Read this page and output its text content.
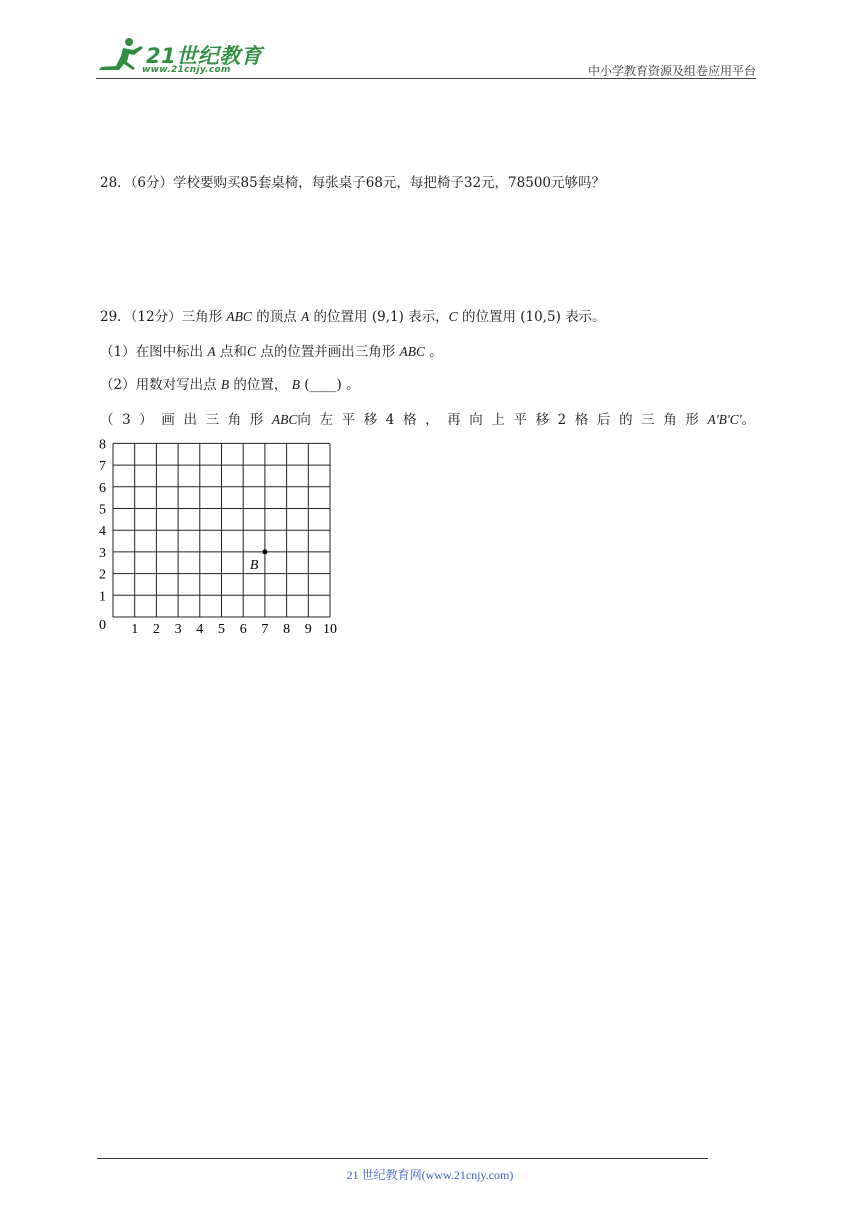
21世纪教育
www.21cnjy.com	中小学教育资源及组卷应用平台
28．（6分）学校要购买85套桌椅，每张桌子68元，每把椅子32元，78500元够吗？
29．（12分）三角形 ABC 的顶点 A 的位置用 (9,1) 表示，C 的位置用 (10,5) 表示。
（1）在图中标出 A 点和C 点的位置并画出三角形 ABC 。
（2）用数对写出点 B 的位置， B (____) 。
（3）画出三角形ABC向左平移4格，再向上平移2格后的三角形A'B'C'。
1 2 3 4 5 6 7 8 9 10
1
2
3
4
5
6
7
8
0
B
21 世纪教育网(www.21cnjy.com)
